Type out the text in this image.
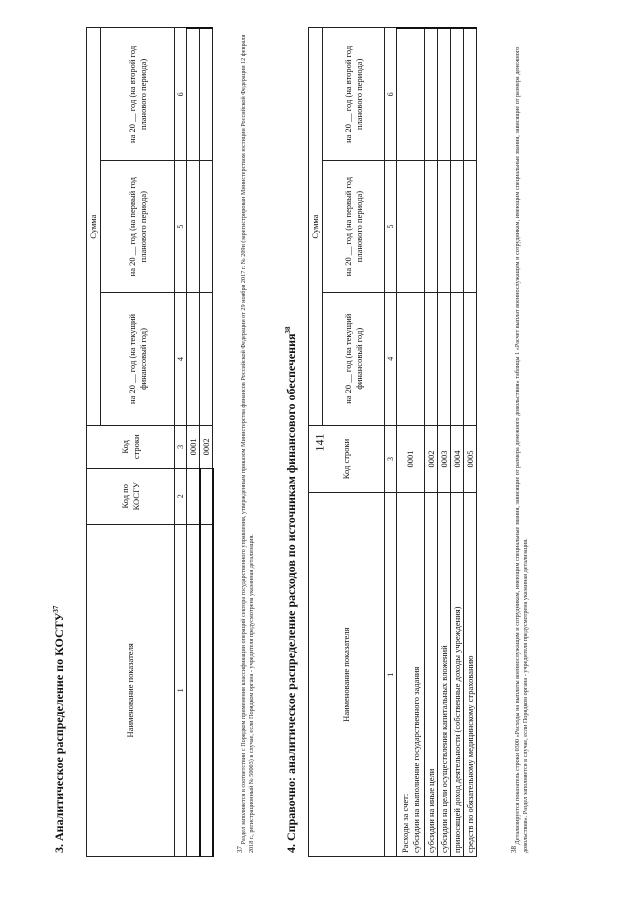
141
3. Аналитическое распределение по КОСТУ$^{37}$
Наименование показателя	Код по КОСГУ	Код строки	Сумма		
			на 20 __ год (на текущий финансовый год)	на 20 __ год (на первый год планового периода)	на 20 __ год (на второй год планового периода)
1	2	3	4	5	6
		0001			
		0002			
$^{37}$ Раздел заполняется в соответствии с Порядком применения классификации операций сектора государственного управления, утвержденным приказом Министерства финансов Российской Федерации от 29 ноября 2017 г. № 209н (зарегистрирован Министерством юстиции Российской Федерации 12 февраля 2018 г., регистрационный № 50003) в случае, если Порядком органа - учредителя предусмотрена указанная детализация. 4. Справочно: аналитическое распределение расходов по источникам финансового обеспечения$^{38}$
Наименование показателя	Код строки	Сумма		
		на 20 __ год (на текущий финансовый год)	на 20 __ год (на первый год планового периода)	на 20 __ год (на второй год планового периода)
1	3	4	5	6

Расходы за счет: субсидии на выполнение государственного задания	0001			
субсидии на иные цели	0002			
субсидии на цели осуществления капитальных вложений	0003			
приносящей доход деятельности (собственные доходы учреждения)	0004			
средств по обязательному медицинскому страхованию	0005			
$^{38}$ Детализируется показатель строки 0300 «Расходы на выплаты военнослужащим и сотрудникам, имеющим специальные звания, зависящие от размера денежного довольствия» таблицы 1 «Расчет выплат военнослужащим и сотрудникам, имеющим специальные звания, зависящие от размера денежного довольствия». Раздел заполняется в случае, если Порядком органа - учредителя предусмотрена указанная детализация.
